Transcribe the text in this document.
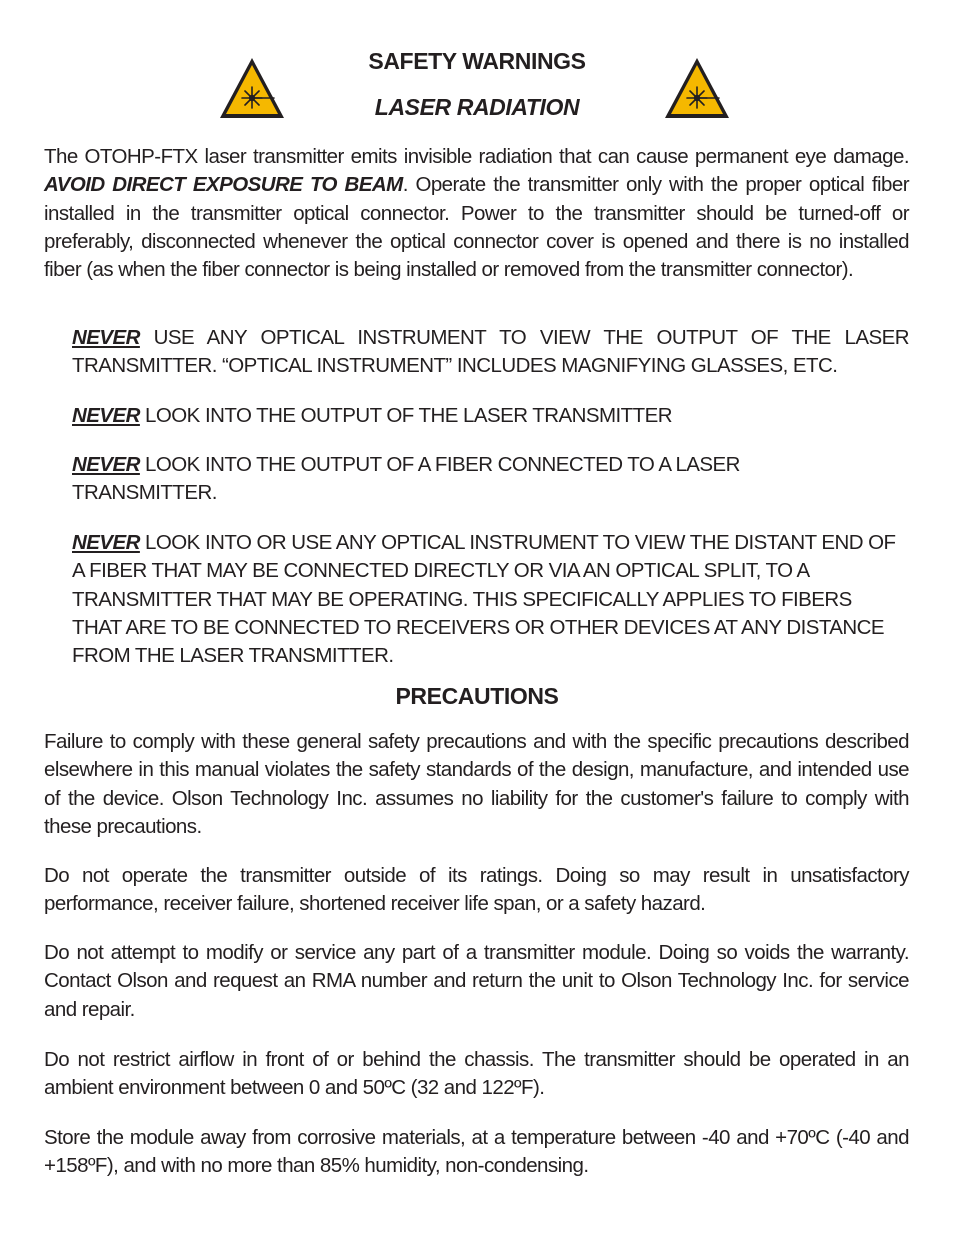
SAFETY WARNINGS
LASER RADIATION

The OTOHP-FTX laser transmitter emits invisible radiation that can cause permanent eye damage. AVOID DIRECT EXPOSURE TO BEAM. Operate the transmitter only with the proper optical fiber installed in the transmitter optical connector. Power to the transmitter should be turned-off or preferably, disconnected whenever the optical connector cover is opened and there is no installed fiber (as when the fiber connector is being installed or removed from the transmitter connector).

NEVER USE ANY OPTICAL INSTRUMENT TO VIEW THE OUTPUT OF THE LASER TRANSMITTER. “OPTICAL INSTRUMENT” INCLUDES MAGNIFYING GLASSES, ETC.

NEVER LOOK INTO THE OUTPUT OF THE LASER TRANSMITTER

NEVER LOOK INTO THE OUTPUT OF A FIBER CONNECTED TO A LASER TRANSMITTER.

NEVER LOOK INTO OR USE ANY OPTICAL INSTRUMENT TO VIEW THE DISTANT END OF A FIBER THAT MAY BE CONNECTED DIRECTLY OR VIA AN OPTICAL SPLIT, TO A TRANSMITTER THAT MAY BE OPERATING. THIS SPECIFICALLY APPLIES TO FIBERS THAT ARE TO BE CONNECTED TO RECEIVERS OR OTHER DEVICES AT ANY DISTANCE FROM THE LASER TRANSMITTER.

PRECAUTIONS

Failure to comply with these general safety precautions and with the specific precautions described elsewhere in this manual violates the safety standards of the design, manufacture, and intended use of the device. Olson Technology Inc. assumes no liability for the customer's failure to comply with these precautions.

Do not operate the transmitter outside of its ratings. Doing so may result in unsatisfactory performance, receiver failure, shortened receiver life span, or a safety hazard.

Do not attempt to modify or service any part of a transmitter module. Doing so voids the warranty. Contact Olson and request an RMA number and return the unit to Olson Technology Inc. for service and repair.

Do not restrict airflow in front of or behind the chassis. The transmitter should be operated in an ambient environment between 0 and 50ºC (32 and 122ºF).

Store the module away from corrosive materials, at a temperature between -40 and +70ºC (-40 and +158ºF), and with no more than 85% humidity, non-condensing.
